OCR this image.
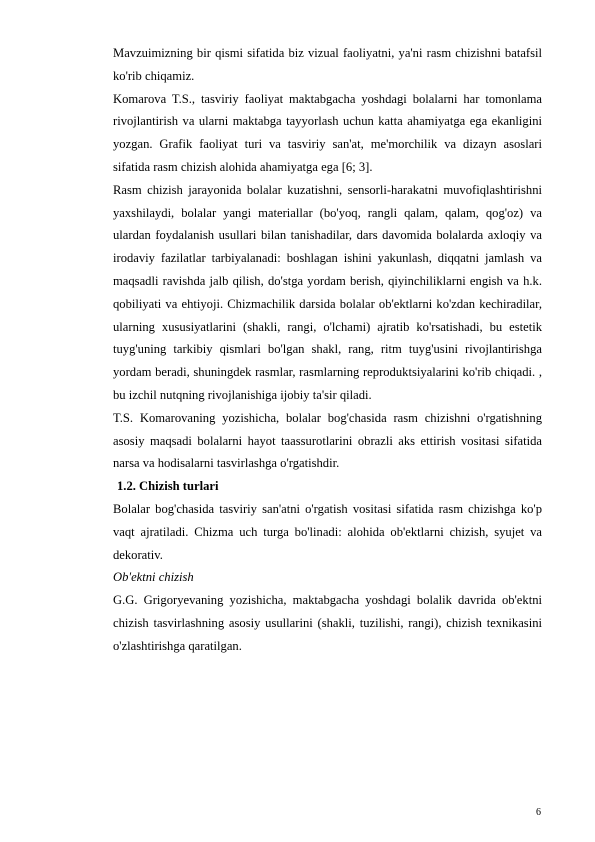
Mavzuimizning bir qismi sifatida biz vizual faoliyatni, ya'ni rasm chizishni batafsil ko'rib chiqamiz.

Komarova T.S., tasviriy faoliyat maktabgacha yoshdagi bolalarni har tomonlama rivojlantirish va ularni maktabga tayyorlash uchun katta ahamiyatga ega ekanligini yozgan. Grafik faoliyat turi va tasviriy san'at, me'morchilik va dizayn asoslari sifatida rasm chizish alohida ahamiyatga ega [6; 3].

Rasm chizish jarayonida bolalar kuzatishni, sensorli-harakatni muvofiqlashtirishni yaxshilaydi, bolalar yangi materiallar (bo'yoq, rangli qalam, qalam, qog'oz) va ulardan foydalanish usullari bilan tanishadilar, dars davomida bolalarda axloqiy va irodaviy fazilatlar tarbiyalanadi: boshlagan ishini yakunlash, diqqatni jamlash va maqsadli ravishda jalb qilish, do'stga yordam berish, qiyinchiliklarni engish va h.k. qobiliyati va ehtiyoji. Chizmachilik darsida bolalar ob'ektlarni ko'zdan kechiradilar, ularning xususiyatlarini (shakli, rangi, o'lchami) ajratib ko'rsatishadi, bu estetik tuyg'uning tarkibiy qismlari bo'lgan shakl, rang, ritm tuyg'usini rivojlantirishga yordam beradi, shuningdek rasmlar, rasmlarning reproduktsiyalarini ko'rib chiqadi. , bu izchil nutqning rivojlanishiga ijobiy ta'sir qiladi.

T.S. Komarovaning yozishicha, bolalar bog'chasida rasm chizishni o'rgatishning asosiy maqsadi bolalarni hayot taassurotlarini obrazli aks ettirish vositasi sifatida narsa va hodisalarni tasvirlashga o'rgatishdir.

1.2. Chizish turlari

Bolalar bog'chasida tasviriy san'atni o'rgatish vositasi sifatida rasm chizishga ko'p vaqt ajratiladi. Chizma uch turga bo'linadi: alohida ob'ektlarni chizish, syujet va dekorativ.

Ob'ektni chizish

G.G. Grigoryevaning yozishicha, maktabgacha yoshdagi bolalik davrida ob'ektni chizish tasvirlashning asosiy usullarini (shakli, tuzilishi, rangi), chizish texnikasini o'zlashtirishga qaratilgan.

6
